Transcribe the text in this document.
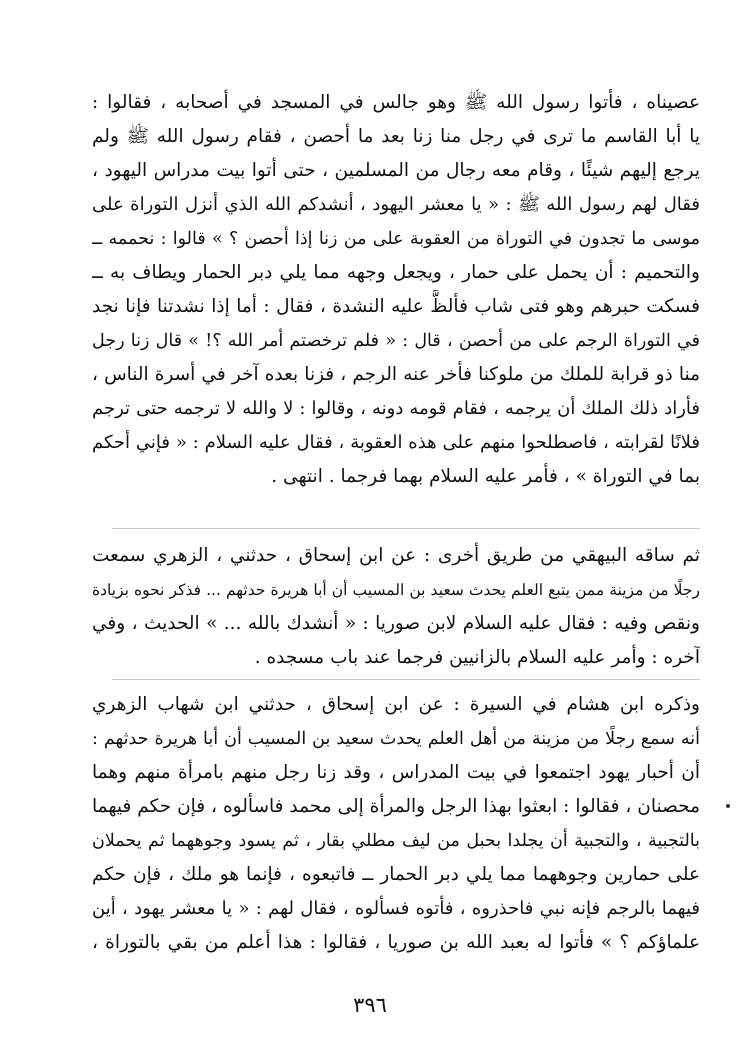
عصيناه ، فأتوا رسول الله ﷺ وهو جالس في المسجد في أصحابه ، فقالوا :
يا أبا القاسم ما ترى في رجل منا زنا بعد ما أحصن ، فقام رسول الله ﷺ ولم
يرجع إليهم شيئًا ، وقام معه رجال من المسلمين ، حتى أتوا بيت مدراس اليهود ،
فقال لهم رسول الله ﷺ : « يا معشر اليهود ، أنشدكم الله الذي أنزل التوراة على
موسى ما تجدون في التوراة من العقوبة على من زنا إذا أحصن ؟ » قالوا : نحممه ــ
والتحميم : أن يحمل على حمار ، ويجعل وجهه مما يلي دبر الحمار ويطاف به ــ
فسكت حبرهم وهو فتى شاب فألظَّ عليه النشدة ، فقال : أما إذا نشدتنا فإنا نجد
في التوراة الرجم على من أحصن ، قال : « فلم ترخصتم أمر الله ؟! » قال زنا رجل
منا ذو قرابة للملك من ملوكنا فأخر عنه الرجم ، فزنا بعده آخر في أسرة الناس ،
فأراد ذلك الملك أن يرجمه ، فقام قومه دونه ، وقالوا : لا والله لا ترجمه حتى ترجم
فلانًا لقرابته ، فاصطلحوا منهم على هذه العقوبة ، فقال عليه السلام : « فإني أحكم
بما في التوراة » ، فأمر عليه السلام بهما فرجما . انتهى .
ثم ساقه البيهقي من طريق أخرى : عن ابن إسحاق ، حدثني ، الزهري سمعت
رجلًا من مزينة ممن يتبع العلم يحدث سعيد بن المسيب أن أبا هريرة حدثهم ... فذكر نحوه بزيادة
ونقص وفيه : فقال عليه السلام لابن صوريا : « أنشدك بالله ... » الحديث ، وفي
آخره : وأمر عليه السلام بالزانيين فرجما عند باب مسجده .
وذكره ابن هشام في السيرة : عن ابن إسحاق ، حدثني ابن شهاب الزهري
أنه سمع رجلًا من مزينة من أهل العلم يحدث سعيد بن المسيب أن أبا هريرة حدثهم :
أن أحبار يهود اجتمعوا في بيت المدراس ، وقد زنا رجل منهم بامرأة منهم وهما
محصنان ، فقالوا : ابعثوا بهذا الرجل والمرأة إلى محمد فاسألوه ، فإن حكم فيهما
بالتجبية ، والتجبية أن يجلدا بحبل من ليف مطلي بقار ، ثم يسود وجوههما ثم يحملان
على حمارين وجوههما مما يلي دبر الحمار ــ فاتبعوه ، فإنما هو ملك ، فإن حكم
فيهما بالرجم فإنه نبي فاحذروه ، فأتوه فسألوه ، فقال لهم : « يا معشر يهود ، أين
علماؤكم ؟ » فأتوا له بعبد الله بن صوريا ، فقالوا : هذا أعلم من بقي بالتوراة ،
٣٩٦
